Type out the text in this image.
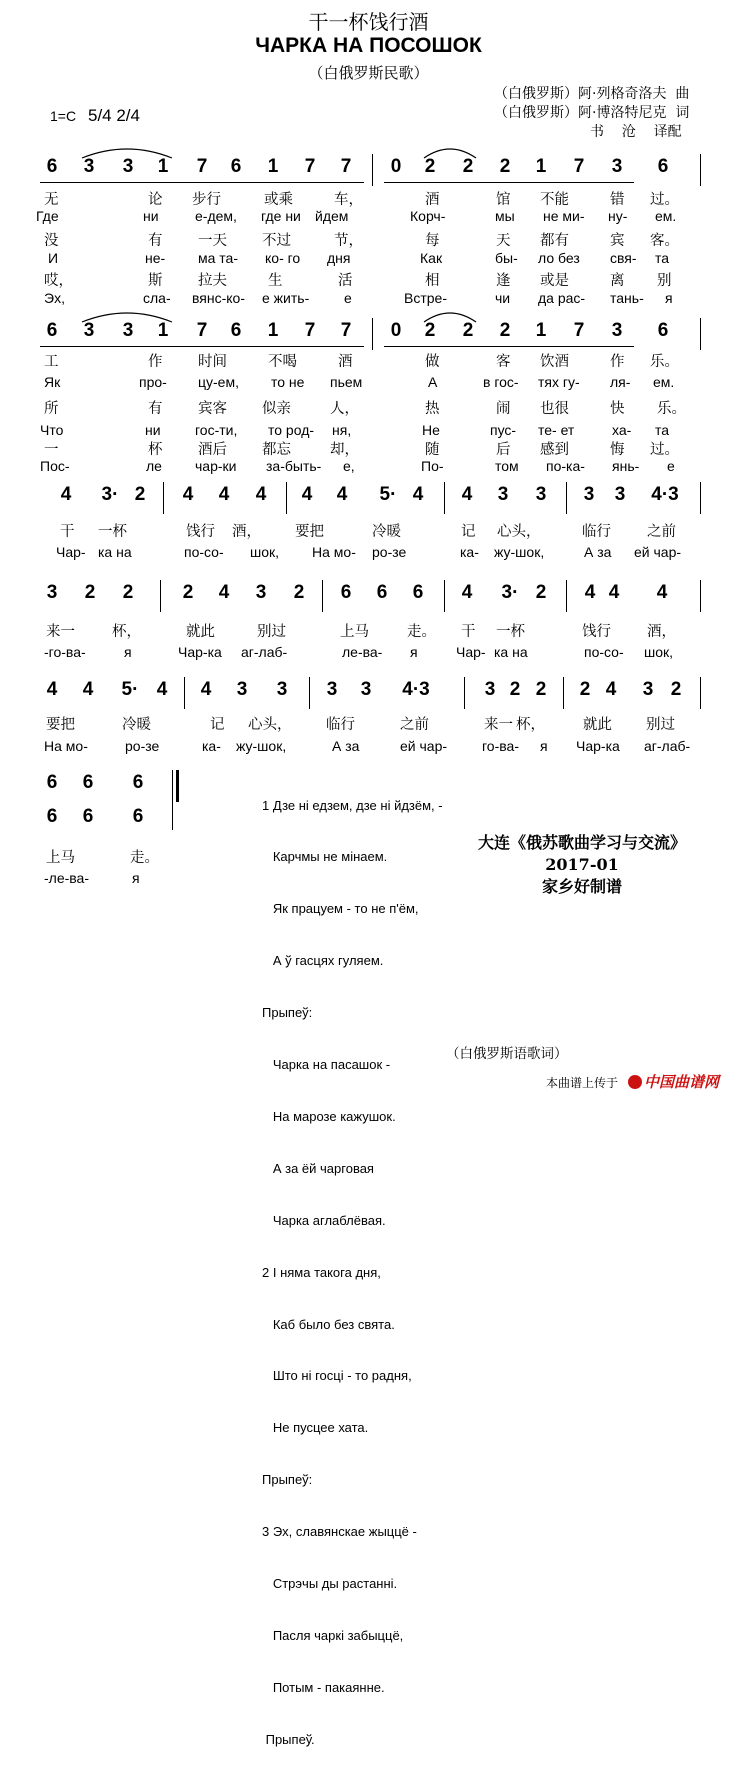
干一杯饯行酒
ЧАРКА НА ПОСОШОК
（白俄罗斯民歌）
（白俄罗斯）阿·列格奇洛夫  曲
（白俄罗斯）阿·博洛特尼克  词
书    沧    译配
1=C 5/4 2/4
6	3	3	1	7	6	1	7	7	0	2	2	2	1	7	3	6
无	论 步行	或乘	车，	酒	馆 不能	错 过。
Где	ни	е-дем, где ни йдем	Корч-	мы не ми- ну- ем.
没	有 一天 不过	节，	每	天 都有	宾 客。
И	не- ма та- ко- го дня	Как	бы- ло без свя- та
哎，	斯 拉夫	生	活	相	逢 或是	离 别
Эх,	сла- вянс-ко- е жить- е	Встре-	чи да рас- тань- я
6	3	3	1	7	6	1	7	7	0	2	2	2	1	7	3	6
工	作 时间	不喝	酒	做	客 饮酒	作 乐。
Як	про- цу-ем, то не пьем	А	в гос- тях гу- ля- ем.
所	有 宾客 似亲	人，	热	闹 也很	快 乐。
Что	ни гос-ти, то род- ня,	Не	пус- те- ет	ха- та
一	杯 酒后 都忘	却，	随	后 感到	悔 过。
Пос-	ле чар-ки за-быть- е,	По-	том по-ка- янь- е
4	3· 2	4	4	4	4	4	5· 4	4	3	3	3	3	4·3
干 一杯	饯行 酒， 要把	冷暖	记 心头，	临行 之前
Чар- ка на	по-со- шок, На мо- ро-зе	ка- жу-шок,	А за ей чар-
3	2	2	2	4	3	2	6	6	6	4	3· 2	4 4	4
来一	杯，	就此	别过	上马	走。 干 一杯	饯行 酒，
-го-ва-	я	Чар-ка аг-лаб-	ле-ва- я	Чар- ка на	по-со- шок,
4	4	5· 4	4	3	3	3	3	4·3	3 2 2	2 4	3 2
要把	冷暖	记 心头， 临行	之前	来一 杯，	就此 别过
На мо-	ро-зе	ка- жу-шок,	А за	ей чар- го-ва- я Чар-ка аг-лаб-
6	6	6
6	6	6
上马	走。
-ле-ва-	я

1 Дзе нi едзем, дзе нi йдзём, -

Карчмы не мiнаем.

Як працуем - то не п'ём,

А ў гасцях гуляем.

Прыпеў:

Чарка на пасашок -

На марозе кажушок.

А за ёй чарговая

Чарка аглаблёвая.

2 I няма такога дня,

Каб было без свята.

Што нi госцi - то радня,

Не пусцее хата.

Прыпеў:

3 Эх, славянскае жыццё -

Стрэчы ды растаннi.

Пасля чаркi забыццё,

Потым - пакаянне.

Прыпеў.

大连《俄苏歌曲学习与交流》
2017-01
家乡好制谱
（白俄罗斯语歌词）
本曲谱上传于	中国曲谱网
